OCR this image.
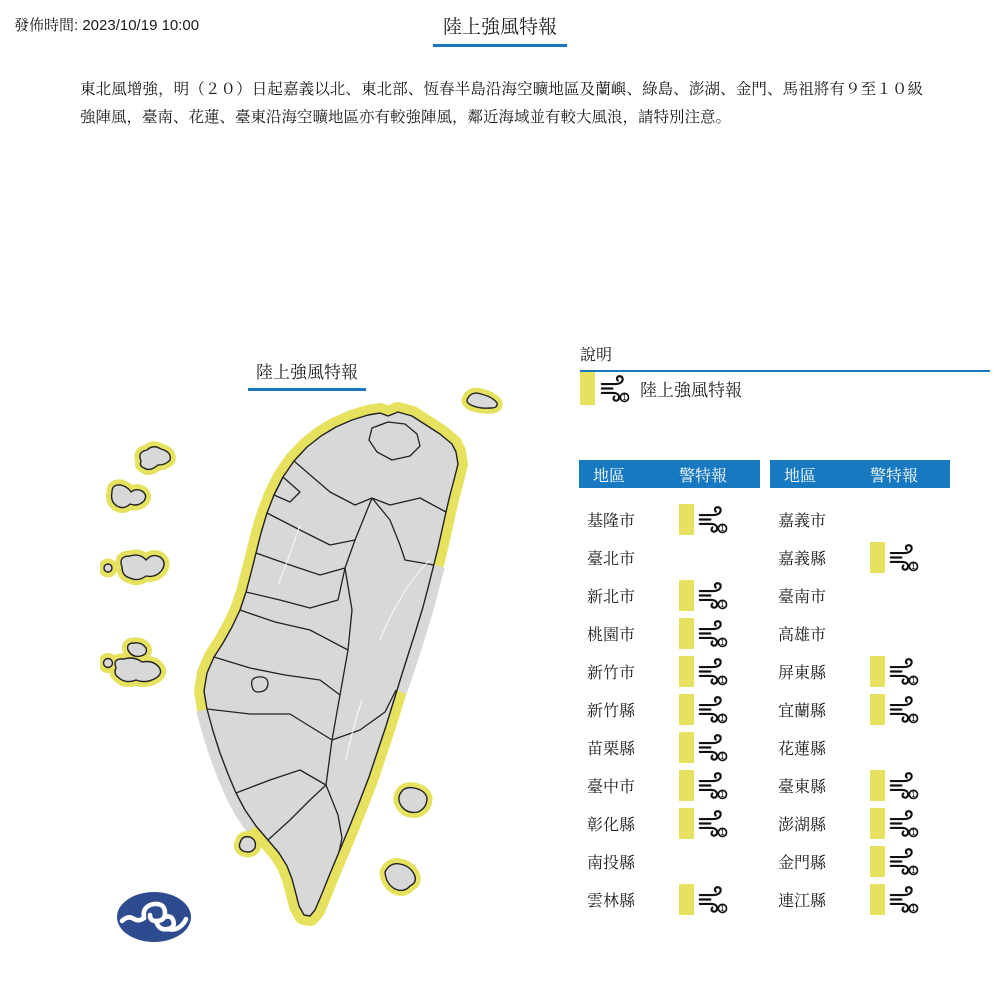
發佈時間: 2023/10/19 10:00	陸上強風特報

東北風增強，明（２０）日起嘉義以北、東北部、恆春半島沿海空曠地區及蘭嶼、綠島、澎湖、金門、馬祖將有９至１０級強陣風，臺南、花蓮、臺東沿海空曠地區亦有較強陣風，鄰近海域並有較大風浪，請特別注意。

陸上強風特報
說明
陸上強風特報
地區	警特報
基隆市
臺北市
新北市
桃園市
新竹市
新竹縣
苗栗縣
臺中市
彰化縣
南投縣
雲林縣
地區	警特報
嘉義市
嘉義縣
臺南市
高雄市
屏東縣
宜蘭縣
花蓮縣
臺東縣
澎湖縣
金門縣
連江縣
